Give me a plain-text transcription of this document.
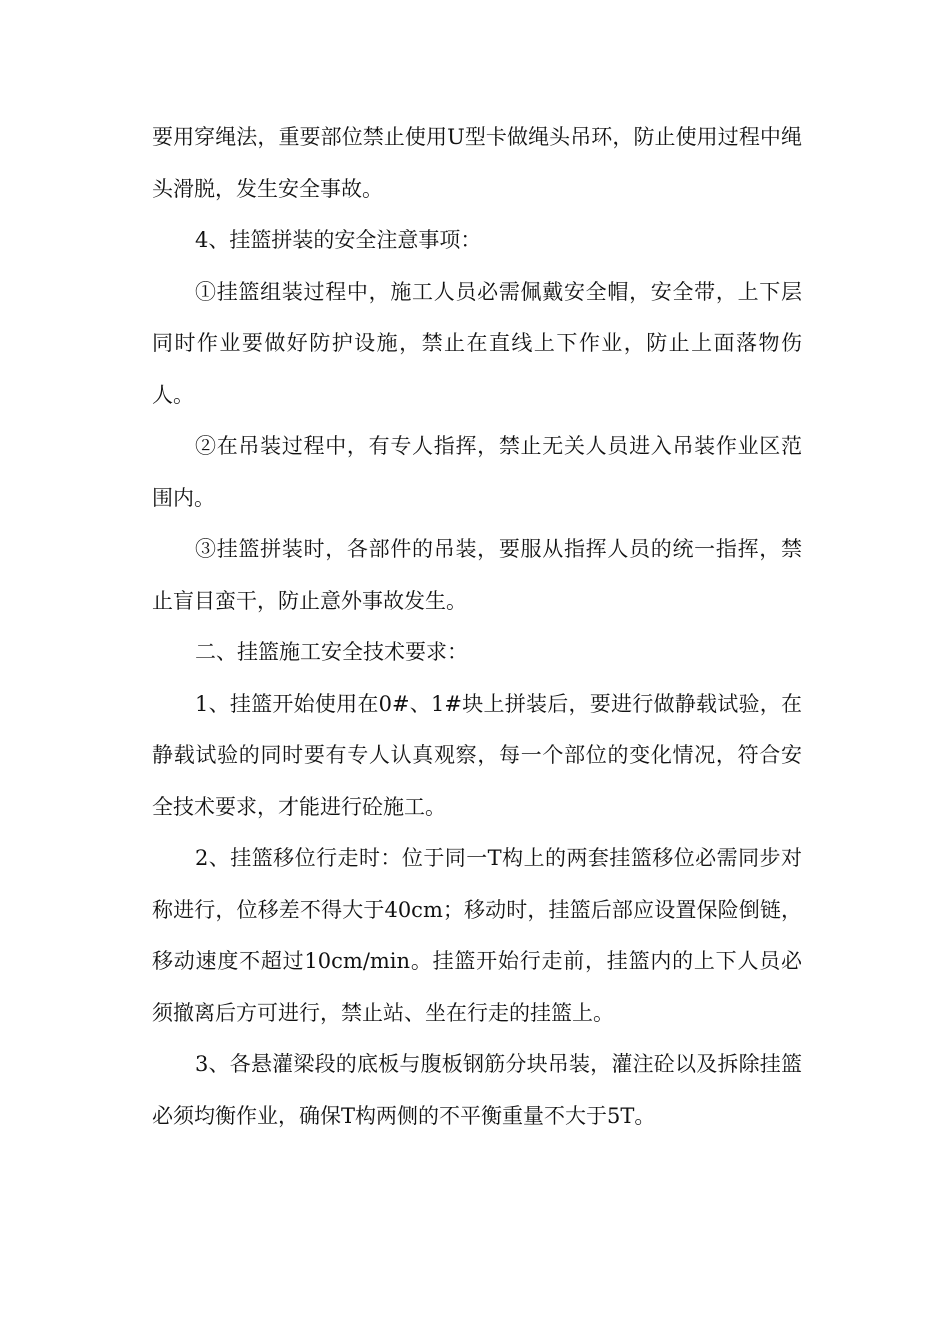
要用穿绳法，重要部位禁止使用U型卡做绳头吊环，防止使用过程中绳头滑脱，发生安全事故。

4、挂篮拼装的安全注意事项：

①挂篮组装过程中，施工人员必需佩戴安全帽，安全带，上下层同时作业要做好防护设施，禁止在直线上下作业，防止上面落物伤人。

②在吊装过程中，有专人指挥，禁止无关人员进入吊装作业区范围内。

③挂篮拼装时，各部件的吊装，要服从指挥人员的统一指挥，禁止盲目蛮干，防止意外事故发生。

二、挂篮施工安全技术要求：

1、挂篮开始使用在0#、1#块上拼装后，要进行做静载试验，在静载试验的同时要有专人认真观察，每一个部位的变化情况，符合安全技术要求，才能进行砼施工。

2、挂篮移位行走时：位于同一T构上的两套挂篮移位必需同步对称进行，位移差不得大于40cm；移动时，挂篮后部应设置保险倒链，移动速度不超过10cm/min。挂篮开始行走前，挂篮内的上下人员必须撤离后方可进行，禁止站、坐在行走的挂篮上。

3、各悬灌梁段的底板与腹板钢筋分块吊装，灌注砼以及拆除挂篮必须均衡作业，确保T构两侧的不平衡重量不大于5T。
